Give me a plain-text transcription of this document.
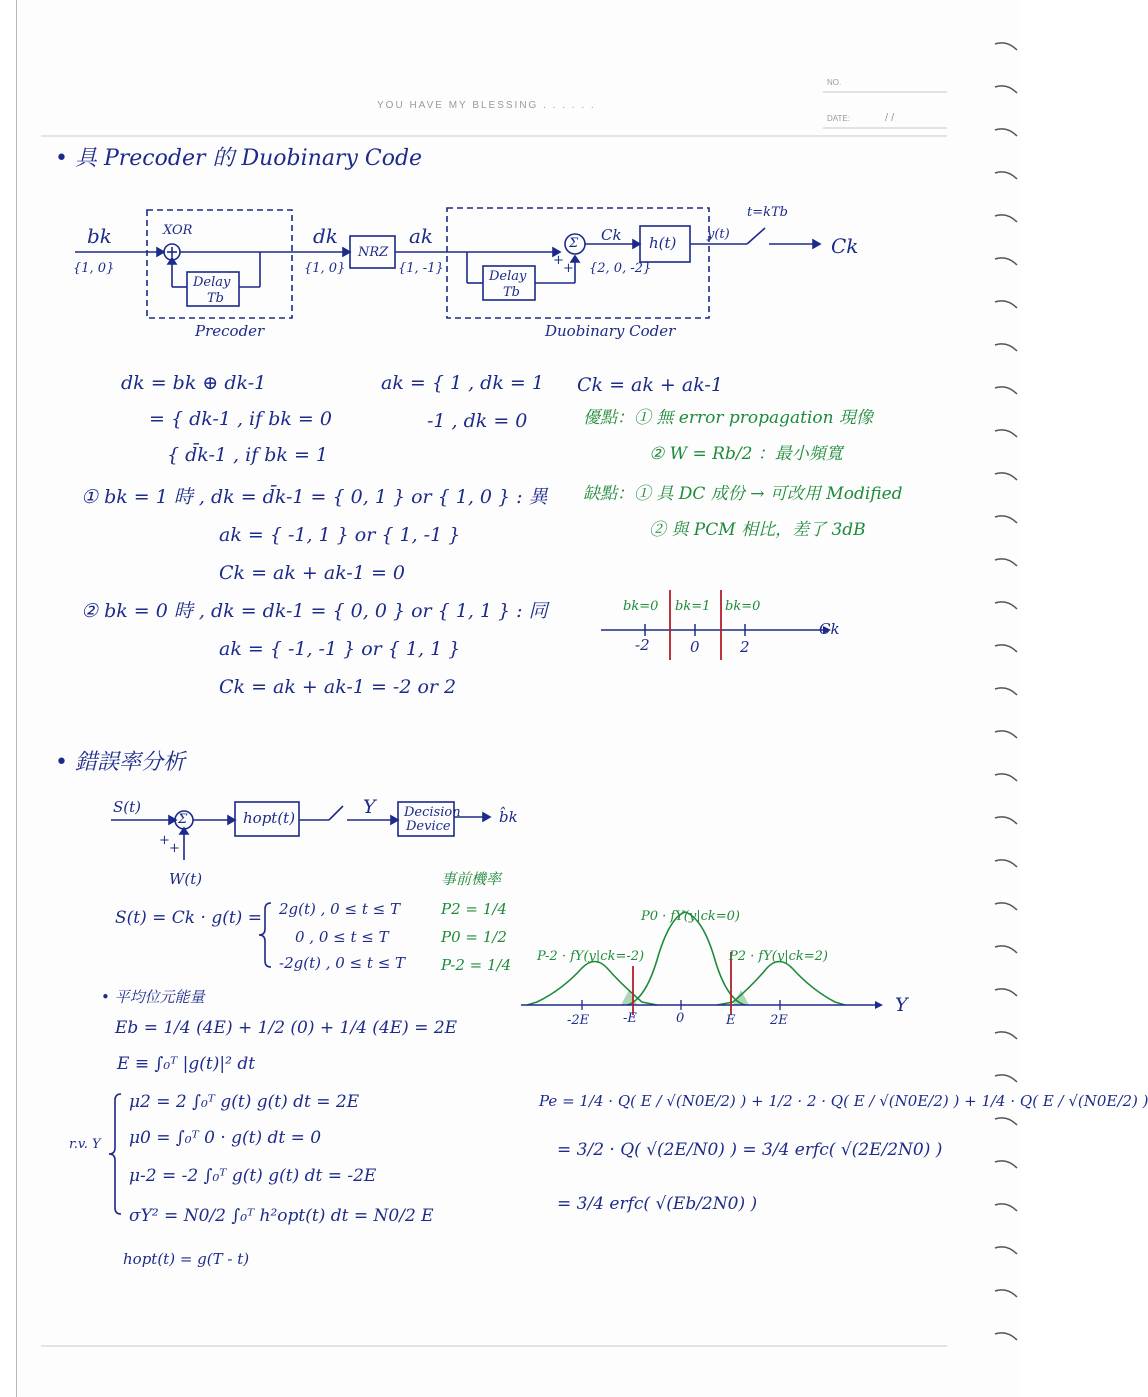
YOU HAVE MY BLESSING . . . . . .
NO.
DATE:	/ /
• 具 Precoder 的 Duobinary Code
bk
{1, 0}
XOR
Delay
Tb
Precoder
dk
{1, 0}
NRZ
ak
{1, -1}
Delay
Tb
Σ
+
+
Ck
{2, 0, -2}
h(t) y(t)
t=kTb
Ck
Duobinary Coder
dk = bk ⊕ dk-1
= { dk-1 , if bk = 0
{ d̄k-1 , if bk = 1
ak = { 1 , dk = 1
-1 , dk = 0
Ck = ak + ak-1
優點：① 無 error propagation 現像
② W = Rb/2 ：最小頻寬
缺點：① 具 DC 成份 → 可改用 Modified
② 與 PCM 相比，差了 3dB
① bk = 1 時 , dk = d̄k-1 = { 0, 1 } or { 1, 0 } : 異
ak = { -1, 1 } or { 1, -1 }
Ck = ak + ak-1 = 0
② bk = 0 時 , dk = dk-1 = { 0, 0 } or { 1, 1 } : 同
ak = { -1, -1 } or { 1, 1 }
Ck = ak + ak-1 = -2 or 2
bk=0 bk=1 bk=0
-2	0	2
Ck
• 錯誤率分析
S(t)
Σ
+
+
W(t)
hopt(t)	Y Decision
Device
b̂k
S(t) = Ck · g(t) = 2g(t) , 0 ≤ t ≤ T
0 , 0 ≤ t ≤ T
-2g(t) , 0 ≤ t ≤ T
事前機率
P2 = 1/4
P0 = 1/2
P-2 = 1/4
• 平均位元能量
Eb = 1/4 (4E) + 1/2 (0) + 1/4 (4E) = 2E
E ≡ ∫₀ᵀ |g(t)|² dt
r.v. Y
μ2 = 2 ∫₀ᵀ g(t) g(t) dt = 2E
μ0 = ∫₀ᵀ 0 · g(t) dt = 0
μ-2 = -2 ∫₀ᵀ g(t) g(t) dt = -2E
σY² = N0/2 ∫₀ᵀ h²opt(t) dt = N0/2 E
hopt(t) = g(T - t)
P-2 · fY(y|ck=-2)
P0 · fY(y|ck=0)
P2 · fY(y|ck=2)
-2E	-E	0	E	2E
Y
Pe = 1/4 · Q( E / √(N0E/2) ) + 1/2 · 2 · Q( E / √(N0E/2) ) + 1/4 · Q( E / √(N0E/2) )
= 3/2 · Q( √(2E/N0) ) = 3/4 erfc( √(2E/2N0) )
= 3/4 erfc( √(Eb/2N0) )
